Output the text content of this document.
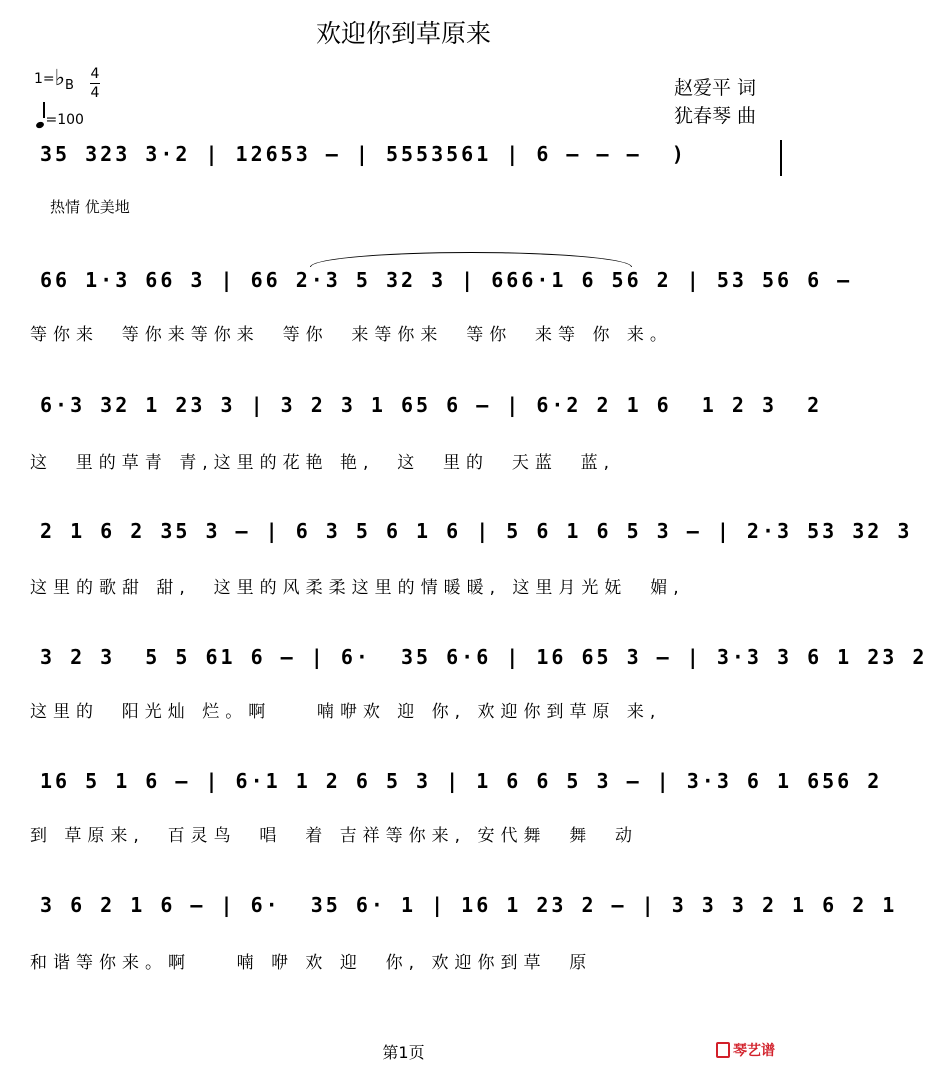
欢迎你到草原来
1=♭B
4
4
=100
赵爱平 词
犹春琴 曲
热情 优美地
35 323 3·2 | 12653 – | 5553561 | 6 – – –  )
66 1·3 66 3 | 66 2·3 5 32 3 | 666·1 6 56 2 | 53 56 6 –
等你来  等你来等你来  等你  来等你来  等你  来等 你 来。
6·3 32 1 23 3 | 3 2 3 1 65 6 – | 6·2 2 1 6  1 2 3  2
这  里的草青 青,这里的花艳 艳,  这  里的  天蓝  蓝,
2 1 6 2 35 3 – | 6 3 5 6 1 6 | 5 6 1 6 5 3 – | 2·3 53 32 3
这里的歌甜 甜,  这里的风柔柔这里的情暖暖, 这里月光妩  媚,
3 2 3  5 5 61 6 – | 6·  35 6·6 | 16 65 3 – | 3·3 3 6 1 23 2
这里的  阳光灿 烂。啊    喃咿欢 迎 你, 欢迎你到草原 来,
16 5 1 6 – | 6·1 1 2 6 5 3 | 1 6 6 5 3 – | 3·3 6 1 656 2
到 草原来,  百灵鸟  唱  着 吉祥等你来, 安代舞  舞  动
3 6 2 1 6 – | 6·  35 6· 1 | 16 1 23 2 – | 3 3 3 2 1 6 2 1
和谐等你来。啊    喃 咿 欢 迎  你, 欢迎你到草  原
第1页	琴艺谱
